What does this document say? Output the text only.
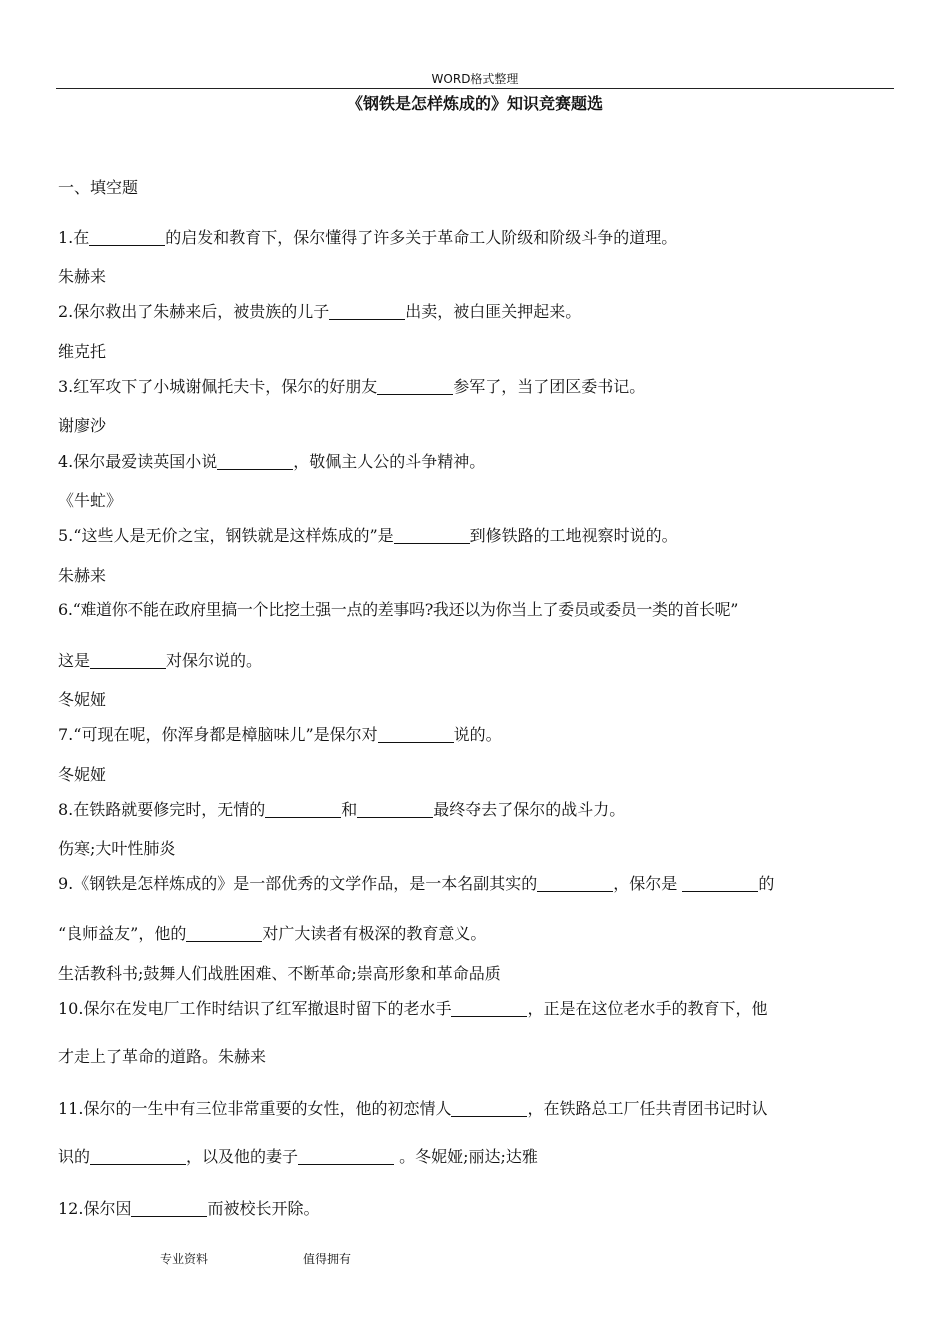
WORD格式整理
《钢铁是怎样炼成的》知识竞赛题选
一、填空题
1.在	的启发和教育下，保尔懂得了许多关于革命工人阶级和阶级斗争的道理。
朱赫来
2.保尔救出了朱赫来后，被贵族的儿子	出卖，被白匪关押起来。
维克托
3.红军攻下了小城谢佩托夫卡，保尔的好朋友	参军了，当了团区委书记。
谢廖沙
4.保尔最爱读英国小说	，敬佩主人公的斗争精神。
《牛虻》
5.“这些人是无价之宝，钢铁就是这样炼成的”是	到修铁路的工地视察时说的。
朱赫来
6.“难道你不能在政府里搞一个比挖土强一点的差事吗?我还以为你当上了委员或委员一类的首长呢”
这是	对保尔说的。
冬妮娅
7.“可现在呢，你浑身都是樟脑味儿”是保尔对	说的。
冬妮娅
8.在铁路就要修完时，无情的	和	最终夺去了保尔的战斗力。
伤寒;大叶性肺炎
9.《钢铁是怎样炼成的》是一部优秀的文学作品，是一本名副其实的	，保尔是	的
“良师益友”，他的	对广大读者有极深的教育意义。
生活教科书;鼓舞人们战胜困难、不断革命;崇高形象和革命品质
10.保尔在发电厂工作时结识了红军撤退时留下的老水手	，正是在这位老水手的教育下，他
才走上了革命的道路。朱赫来
11.保尔的一生中有三位非常重要的女性，他的初恋情人	，在铁路总工厂任共青团书记时认
识的	，以及他的妻子	。冬妮娅;丽达;达雅
12.保尔因	而被校长开除。
专业资料	值得拥有
